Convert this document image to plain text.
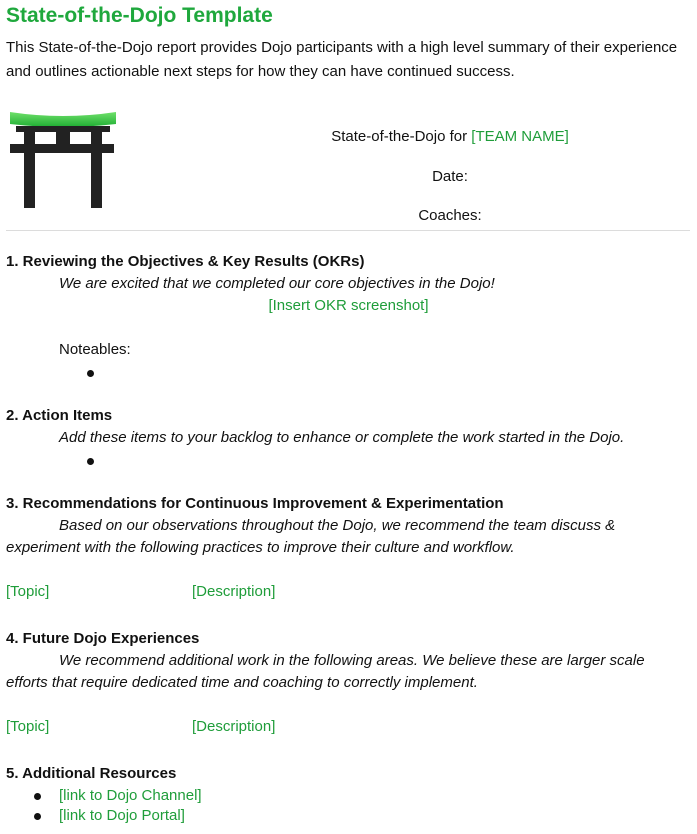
State-of-the-Dojo Template

This State-of-the-Dojo report provides Dojo participants with a high level summary of their experience and outlines actionable next steps for how they can have continued success.

State-of-the-Dojo for [TEAM NAME]
Date:
Coaches:
1. Reviewing the Objectives & Key Results (OKRs)
We are excited that we completed our core objectives in the Dojo!
[Insert OKR screenshot]
Noteables:
2. Action Items
Add these items to your backlog to enhance or complete the work started in the Dojo.
3. Recommendations for Continuous Improvement & Experimentation

Based on our observations throughout the Dojo, we recommend the team discuss & experiment with the following practices to improve their culture and workflow.

[Topic]	[Description]
4. Future Dojo Experiences

We recommend additional work in the following areas. We believe these are larger scale efforts that require dedicated time and coaching to correctly implement.

[Topic]	[Description]
5. Additional Resources
[link to Dojo Channel]
[link to Dojo Portal]
